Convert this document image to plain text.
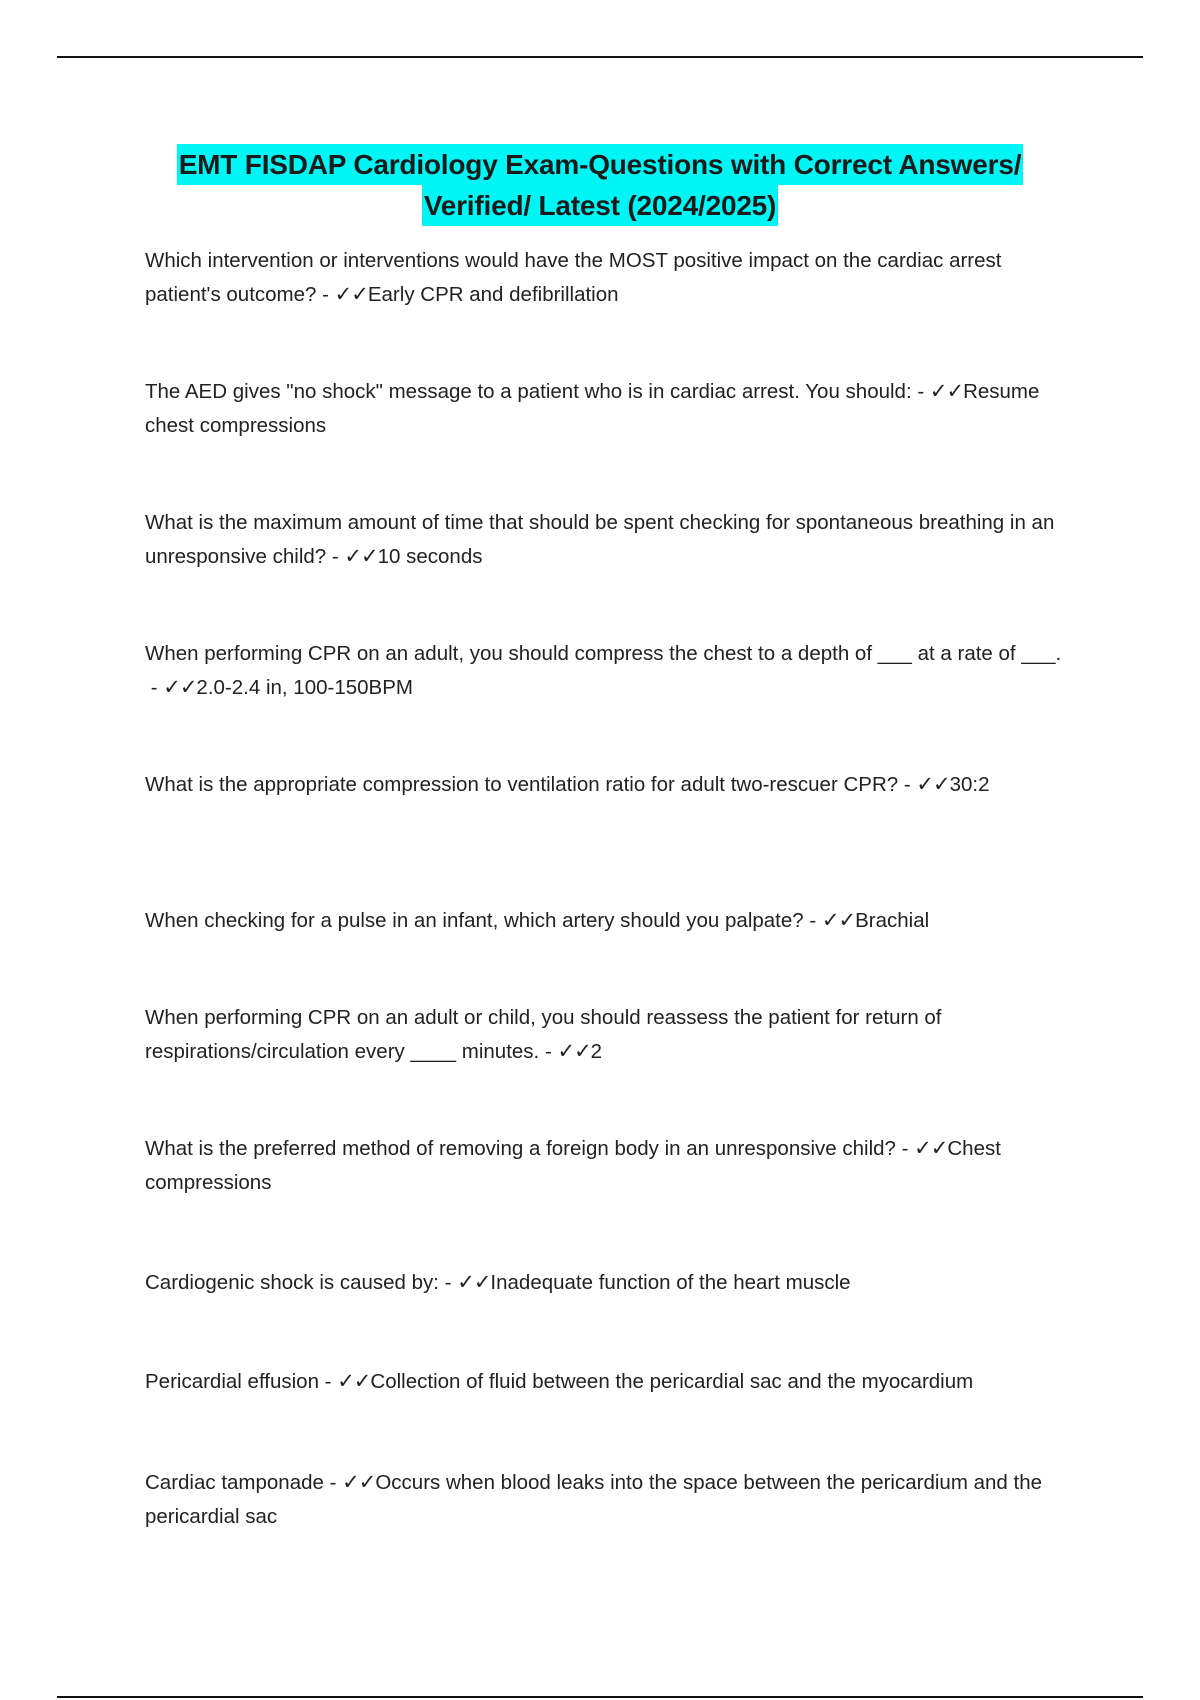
EMT FISDAP Cardiology Exam-Questions with Correct Answers/
Verified/ Latest (2024/2025)
Which intervention or interventions would have the MOST positive impact on the cardiac arrest patient's outcome? - ✓✓Early CPR and defibrillation
The AED gives "no shock" message to a patient who is in cardiac arrest. You should: - ✓✓Resume chest compressions
What is the maximum amount of time that should be spent checking for spontaneous breathing in an unresponsive child? - ✓✓10 seconds
When performing CPR on an adult, you should compress the chest to a depth of ___ at a rate of ___. - ✓✓2.0-2.4 in, 100-150BPM
What is the appropriate compression to ventilation ratio for adult two-rescuer CPR? - ✓✓30:2
When checking for a pulse in an infant, which artery should you palpate? - ✓✓Brachial
When performing CPR on an adult or child, you should reassess the patient for return of respirations/circulation every ____ minutes. - ✓✓2
What is the preferred method of removing a foreign body in an unresponsive child? - ✓✓Chest compressions
Cardiogenic shock is caused by: - ✓✓Inadequate function of the heart muscle
Pericardial effusion - ✓✓Collection of fluid between the pericardial sac and the myocardium
Cardiac tamponade - ✓✓Occurs when blood leaks into the space between the pericardium and the pericardial sac
